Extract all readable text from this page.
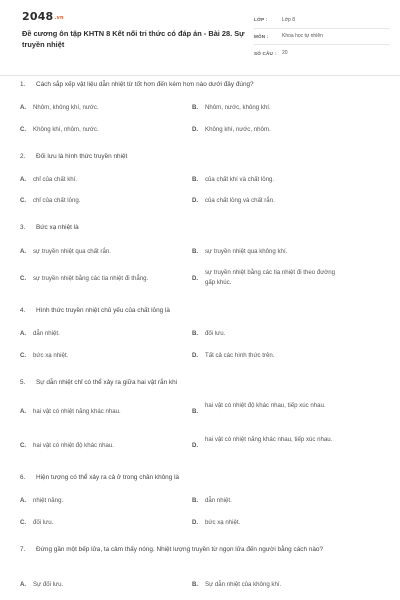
$2048^{.vn}$
Đề cương ôn tập KHTN 8 Kết nối tri thức có đáp án - Bài 28. Sự truyền nhiệt
LỚP :	Lớp 8
MÔN :	Khoa học tự nhiên
SỐ CÂU :	20
1.	Cách sắp xếp vật liệu dẫn nhiệt từ tốt hơn đến kém hơn nào dưới đây đúng?
A.	Nhôm, không khí, nước.	B.	Nhôm, nước, không khí.
C.	Không khí, nhôm, nước.	D.	Không khí, nước, nhôm.
2.	Đối lưu là hình thức truyền nhiệt
A.	chỉ của chất khí.	B.	của chất khí và chất lỏng.
C.	chỉ của chất lỏng.	D.	của chất lỏng và chất rắn.
3.	Bức xạ nhiệt là
A.	sự truyền nhiệt qua chất rắn.	B.	sự truyền nhiệt qua không khí.
C.	sự truyền nhiệt bằng các tia nhiệt đi thẳng.	D.
sự truyền nhiệt bằng các tia nhiệt đi theo đường gấp khúc.
4.	Hình thức truyền nhiệt chủ yếu của chất lỏng là
A.	dẫn nhiệt.	B.	đối lưu.
C.	bức xạ nhiệt.	D.	Tất cả các hình thức trên.
5.	Sự dẫn nhiệt chỉ có thể xảy ra giữa hai vật rắn khi
A.	hai vật có nhiệt năng khác nhau.	B.
hai vật có nhiệt độ khác nhau, tiếp xúc nhau.
C.	hai vật có nhiệt độ khác nhau.	D.
hai vật có nhiệt năng khác nhau, tiếp xúc nhau.
6.	Hiện tượng có thể xảy ra cả ở trong chân không là
A.	nhiệt năng.	B.	dẫn nhiệt.
C.	đối lưu.	D.	bức xạ nhiệt.
7.	Đứng gần một bếp lửa, ta cảm thấy nóng. Nhiệt lượng truyền từ ngọn lửa đến người bằng cách nào?
A.	Sự đối lưu.	B.	Sự dẫn nhiệt của không khí.
